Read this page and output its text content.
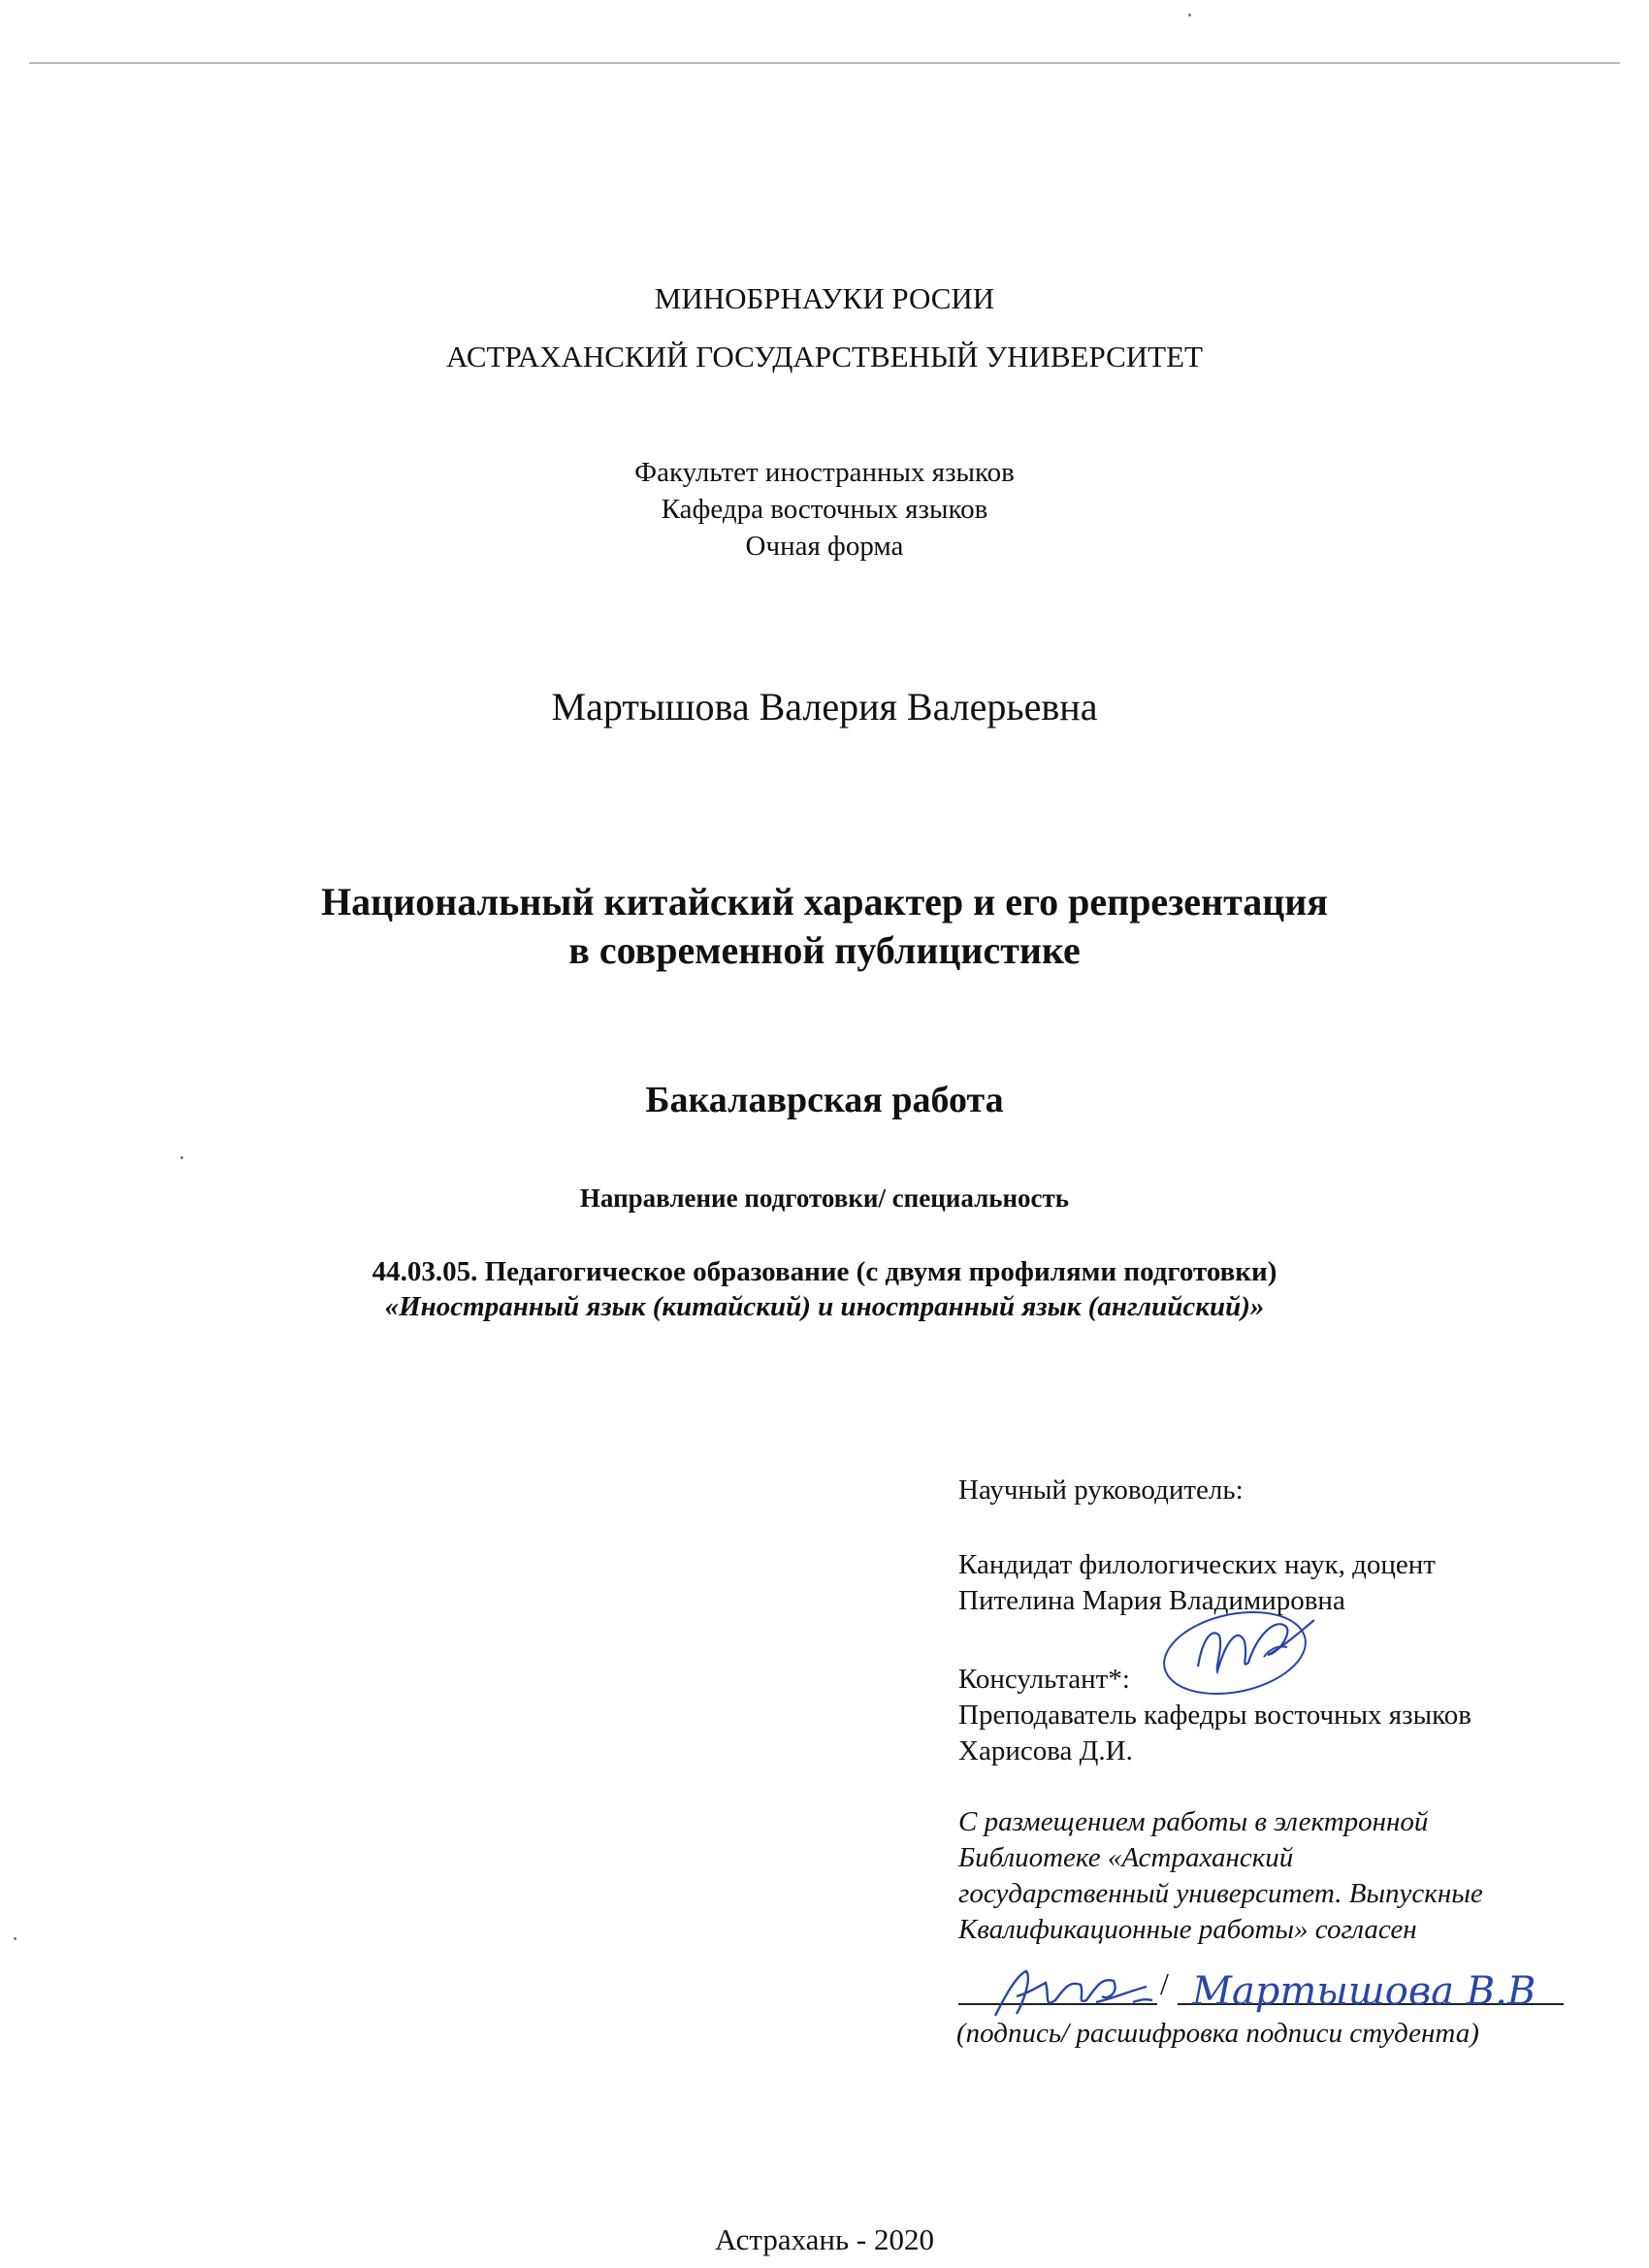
МИНОБРНАУКИ РОСИИ
АСТРАХАНСКИЙ ГОСУДАРСТВЕНЫЙ УНИВЕРСИТЕТ
Факультет иностранных языков
Кафедра восточных языков
Очная форма
Мартышова Валерия Валерьевна
Национальный китайский характер и его репрезентация
в современной публицистике
Бакалаврская работа
Направление подготовки/ специальность
44.03.05. Педагогическое образование (с двумя профилями подготовки)
«Иностранный язык (китайский) и иностранный язык (английский)»
Научный руководитель:
Кандидат филологических наук, доцент
Пителина Мария Владимировна
Консультант*:
Преподаватель кафедры восточных языков
Харисова Д.И.
С размещением работы в электронной
Библиотеке «Астраханский
государственный университет. Выпускные
Квалификационные работы» согласен
/ Мартышова В.В
(подпись/ расшифровка подписи студента)
Астрахань - 2020
